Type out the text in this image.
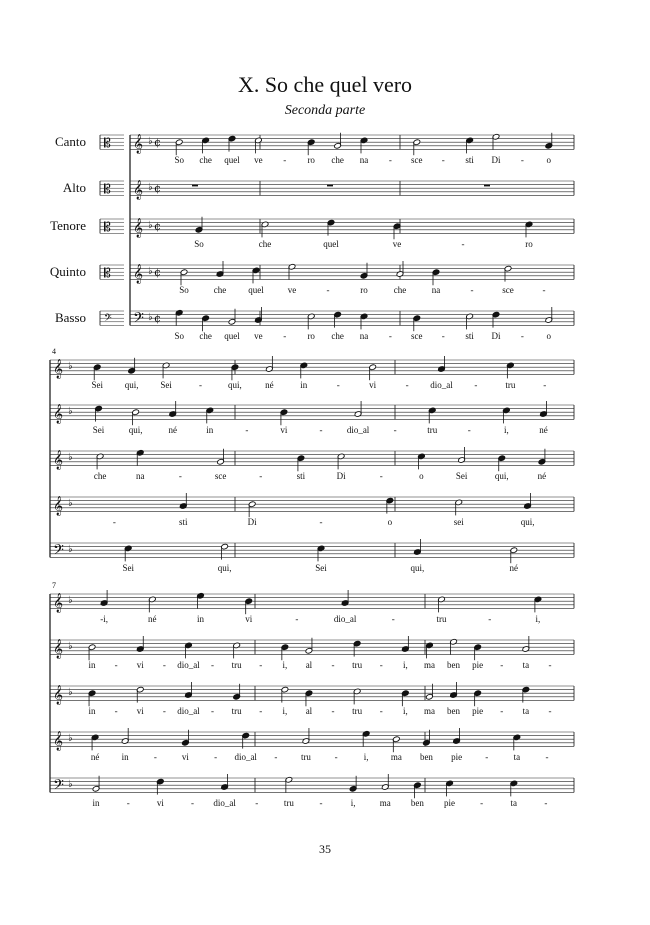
X. So che quel vero
Seconda parte
Canto
Alto
Tenore
Quinto
Basso
𝄡 𝄞 ♭ ¢
So che quel ve - ro che na - sce - sti Di -	o
𝄡 𝄞 ♭ ¢
𝄡 𝄞 ♭ ¢
So	che	quel	ve	-	ro
𝄡 𝄞 ♭ ¢
So	che quel	ve	-	ro	che	na	-	sce	-
𝄢 𝄢 ♭ ¢
So che quel ve - ro che na - sce - sti Di -	o
4
𝄞 ♭
Sei qui, Sei	-	qui,	né	in	-	vi	- dio_al -	tru	-
𝄞 ♭
Sei	qui,	né	in	-	vi	-	dio_al	-	tru	-	i,	né
𝄞 ♭
che	na	-	sce	-	sti	Di	-	o	Sei	qui,	né
𝄞 ♭
-	sti	Di	-	o	sei	qui,
𝄢 ♭
Sei	qui,	Sei	qui,	né
7
𝄞 ♭
-i,	né	in	vi	-	dio_al	-	tru	-	i,
𝄞 ♭
in - vi - dio_al - tru - i, al - tru - i, ma ben pie - ta -
𝄞 ♭
in - vi - dio_al - tru - i, al - tru - i, ma ben pie - ta -
𝄞 ♭
né in	-	vi	- dio_al -	tru	-	i, ma ben pie	-	ta	-
𝄢 ♭
in	-	vi	- dio_al -	tru	-	i,	ma ben pie	-	ta	-
35
